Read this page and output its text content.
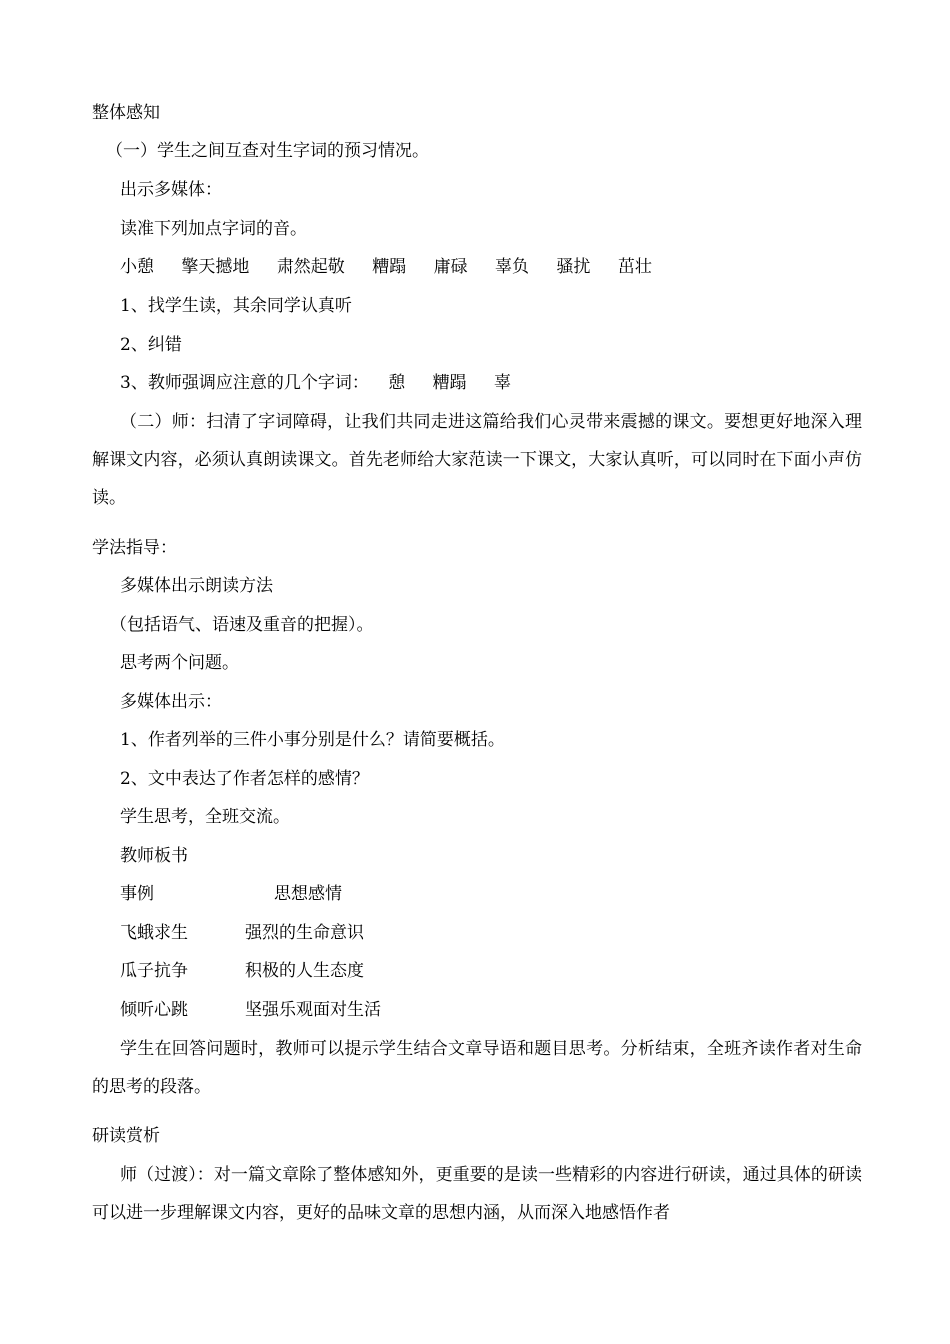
整体感知
（一）学生之间互查对生字词的预习情况。
出示多媒体：
读准下列加点字词的音。
小憩 擎天撼地 肃然起敬 糟蹋 庸碌 辜负 骚扰 茁壮
1、找学生读，其余同学认真听
2、纠错
3、教师强调应注意的几个字词： 憩 糟蹋 辜
（二）师：扫清了字词障碍，让我们共同走进这篇给我们心灵带来震撼的课文。要想更好地深入理解课文内容，必须认真朗读课文。首先老师给大家范读一下课文，大家认真听，可以同时在下面小声仿读。
学法指导：
多媒体出示朗读方法
（包括语气、语速及重音的把握）。
思考两个问题。
多媒体出示：
1、作者列举的三件小事分别是什么？请简要概括。
2、文中表达了作者怎样的感情？
学生思考，全班交流。
教师板书
事例	思想感情
飞蛾求生	强烈的生命意识
瓜子抗争	积极的人生态度
倾听心跳	坚强乐观面对生活
学生在回答问题时，教师可以提示学生结合文章导语和题目思考。分析结束，全班齐读作者对生命的思考的段落。
研读赏析
师（过渡）：对一篇文章除了整体感知外，更重要的是读一些精彩的内容进行研读，通过具体的研读可以进一步理解课文内容，更好的品味文章的思想内涵，从而深入地感悟作者
